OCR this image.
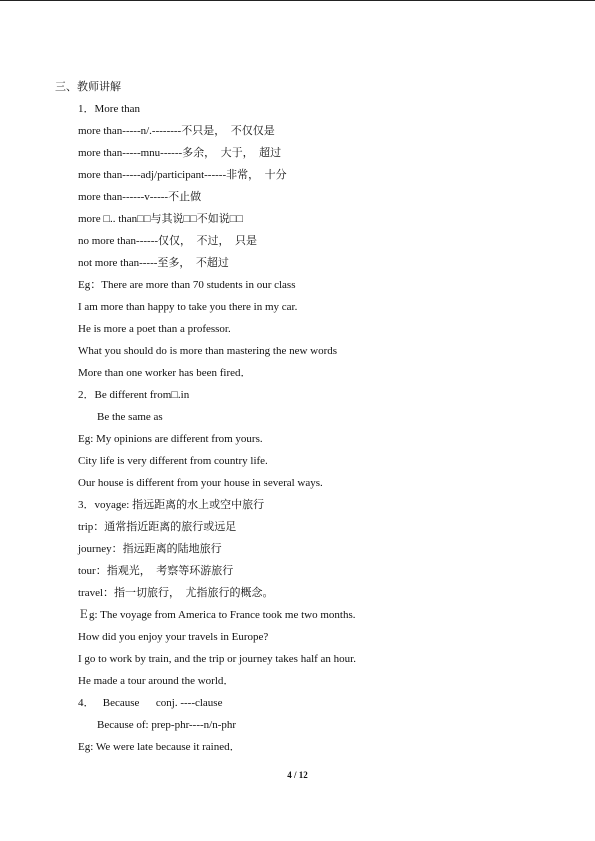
三、教师讲解
1．More than
more than-----n/.--------不只是，  不仅仅是
more than-----mnu------多余，  大于，  超过
more than-----adj/participant------非常，  十分
more than------v-----不止做
more □.. than□□与其说□□不如说□□
no more than------仅仅，  不过，  只是
not more than-----至多，  不超过
Eg：There are more than 70 students in our class
I am more than happy to take you there in my car.
He is more a poet than a professor.
What you should do is more than mastering the new words
More than one worker has been fired．
2．Be different from□.in
Be the same as
Eg: My opinions are different from yours.
City life is very different from country life.
Our house is different from your house in several ways.
3．voyage: 指远距离的水上或空中旅行
trip：通常指近距离的旅行或远足
journey：指远距离的陆地旅行
tour：指观光，  考察等环游旅行
travel：指一切旅行，  尤指旅行的概念。
Ｅg: The voyage from America to France took me two months.
How did you enjoy your travels in Europe?
I go to work by train, and the trip or journey takes half an hour.
He made a tour around the world．
4．   Because      conj. ----clause
Because of: prep-phr----n/n-phr
Eg: We were late because it rained．
4 / 12
